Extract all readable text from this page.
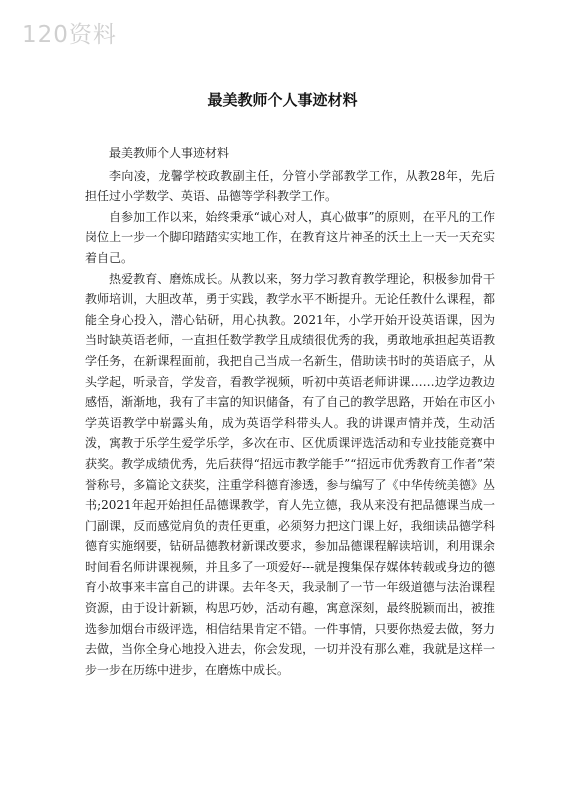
120资料
最美教师个人事迹材料

最美教师个人事迹材料

李向凌，龙馨学校政教副主任，分管小学部教学工作，从教28年，先后担任过小学数学、英语、品德等学科教学工作。

自参加工作以来，始终秉承“诚心对人，真心做事”的原则，在平凡的工作岗位上一步一个脚印踏踏实实地工作，在教育这片神圣的沃土上一天一天充实着自己。

热爱教育、磨炼成长。从教以来，努力学习教育教学理论，积极参加骨干教师培训，大胆改革，勇于实践，教学水平不断提升。无论任教什么课程，都能全身心投入，潜心钻研，用心执教。2021年，小学开始开设英语课，因为当时缺英语老师，一直担任数学教学且成绩很优秀的我，勇敢地承担起英语教学任务，在新课程面前，我把自己当成一名新生，借助读书时的英语底子，从头学起，听录音，学发音，看教学视频，听初中英语老师讲课……边学边教边感悟，渐渐地，我有了丰富的知识储备，有了自己的教学思路，开始在市区小学英语教学中崭露头角，成为英语学科带头人。我的讲课声情并茂，生动活泼，寓教于乐学生爱学乐学，多次在市、区优质课评选活动和专业技能竞赛中获奖。教学成绩优秀，先后获得“招远市教学能手”“招远市优秀教育工作者”荣誉称号，多篇论文获奖，注重学科德育渗透，参与编写了《中华传统美德》丛书;2021年起开始担任品德课教学，育人先立德，我从来没有把品德课当成一门副课，反而感觉肩负的责任更重，必须努力把这门课上好，我细读品德学科德育实施纲要，钻研品德教材新课改要求，参加品德课程解读培训，利用课余时间看名师讲课视频，并且多了一项爱好---就是搜集保存媒体转载或身边的德育小故事来丰富自己的讲课。去年冬天，我录制了一节一年级道德与法治课程资源，由于设计新颖，构思巧妙，活动有趣，寓意深刻，最终脱颖而出，被推选参加烟台市级评选，相信结果肯定不错。一件事情，只要你热爱去做，努力去做，当你全身心地投入进去，你会发现，一切并没有那么难，我就是这样一步一步在历练中进步，在磨炼中成长。
